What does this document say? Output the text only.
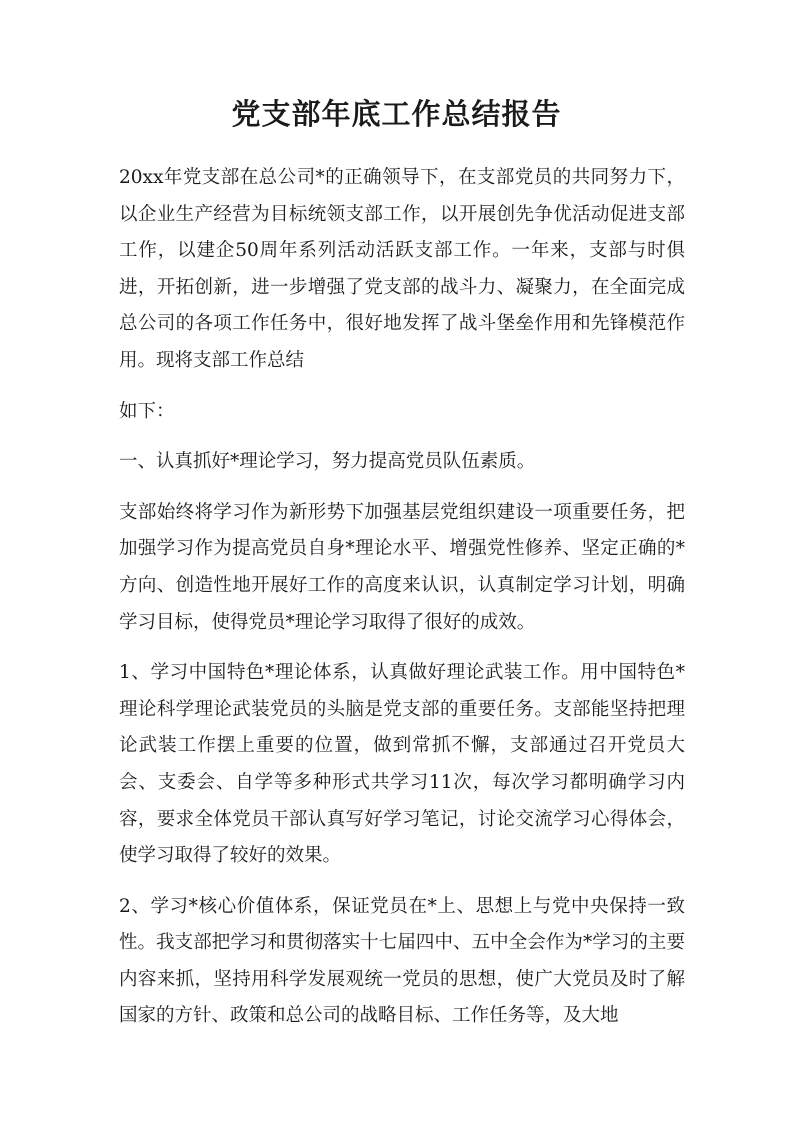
党支部年底工作总结报告

20xx年党支部在总公司*的正确领导下，在支部党员的共同努力下，以企业生产经营为目标统领支部工作，以开展创先争优活动促进支部工作，以建企50周年系列活动活跃支部工作。一年来，支部与时俱进，开拓创新，进一步增强了党支部的战斗力、凝聚力，在全面完成总公司的各项工作任务中，很好地发挥了战斗堡垒作用和先锋模范作用。现将支部工作总结

如下：

一、认真抓好*理论学习，努力提高党员队伍素质。

支部始终将学习作为新形势下加强基层党组织建设一项重要任务，把加强学习作为提高党员自身*理论水平、增强党性修养、坚定正确的*方向、创造性地开展好工作的高度来认识，认真制定学习计划，明确学习目标，使得党员*理论学习取得了很好的成效。

1、学习中国特色*理论体系，认真做好理论武装工作。用中国特色*理论科学理论武装党员的头脑是党支部的重要任务。支部能坚持把理论武装工作摆上重要的位置，做到常抓不懈，支部通过召开党员大会、支委会、自学等多种形式共学习11次，每次学习都明确学习内容，要求全体党员干部认真写好学习笔记，讨论交流学习心得体会，使学习取得了较好的效果。

2、学习*核心价值体系，保证党员在*上、思想上与党中央保持一致性。我支部把学习和贯彻落实十七届四中、五中全会作为*学习的主要内容来抓，坚持用科学发展观统一党员的思想，使广大党员及时了解国家的方针、政策和总公司的战略目标、工作任务等，及大地
